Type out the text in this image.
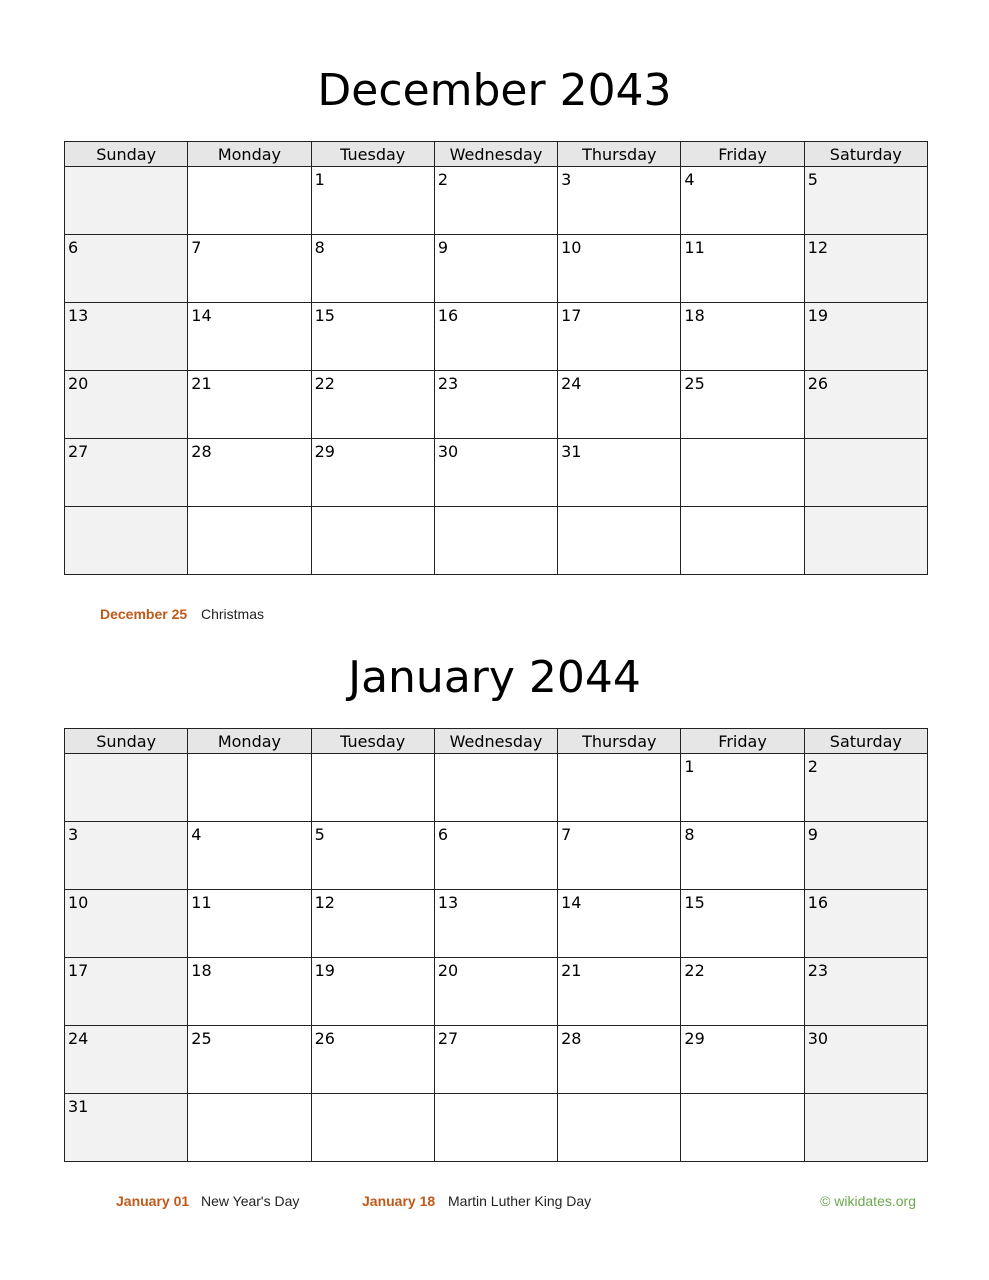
December 2043
Sunday	Monday	Tuesday	Wednesday	Thursday	Friday	Saturday
		1	2	3	4	5
6	7	8	9	10	11	12
13	14	15	16	17	18	19
20	21	22	23	24	25	26
27	28	29	30	31		

December 25 Christmas
January 2044
Sunday	Monday	Tuesday	Wednesday	Thursday	Friday	Saturday
					1	2
3	4	5	6	7	8	9
10	11	12	13	14	15	16
17	18	19	20	21	22	23
24	25	26	27	28	29	30
31						
January 01 New Year's Day	January 18 Martin Luther King Day	© wikidates.org
